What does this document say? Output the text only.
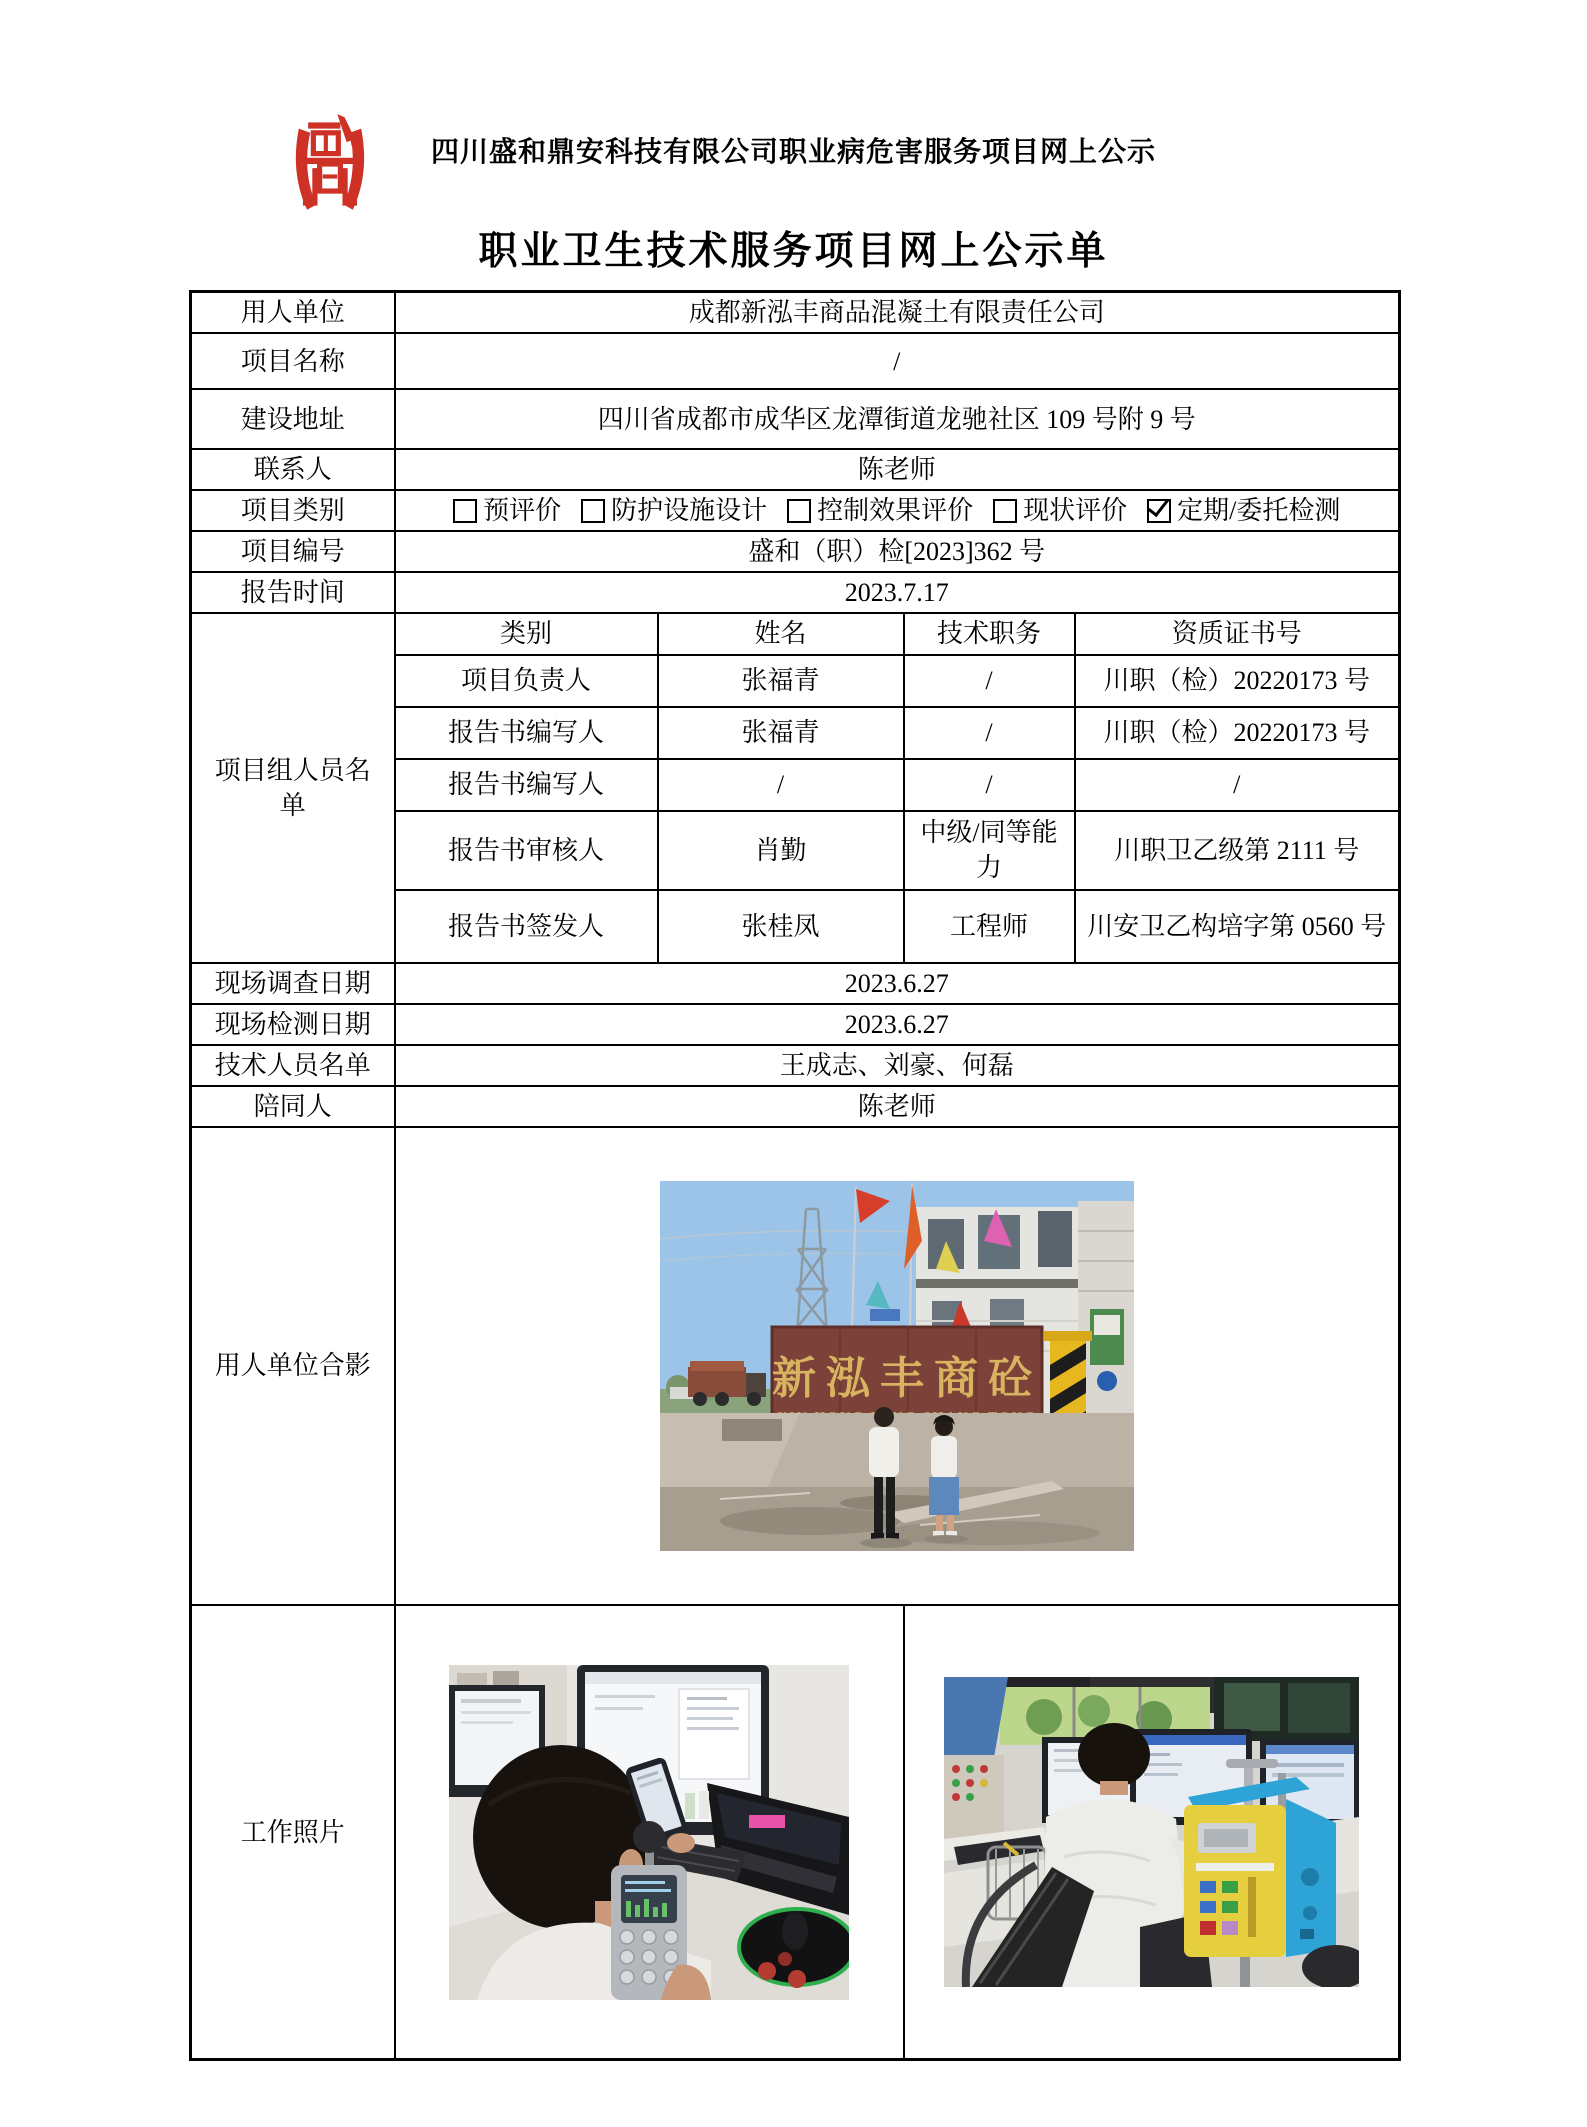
四川盛和鼎安科技有限公司职业病危害服务项目网上公示
职业卫生技术服务项目网上公示单
用人单位	成都新泓丰商品混凝土有限责任公司			
项目名称	/			
建设地址	四川省成都市成华区龙潭街道龙驰社区 109 号附 9 号			
联系人	陈老师			
项目类别	预评价 防护设施设计 控制效果评价 现状评价 定期/委托检测			

项目编号	盛和（职）检[2023]362 号			
报告时间	2023.7.17			
项目组人员名单	类别	姓名	技术职务	资质证书号
	项目负责人	张福青	/	川职（检）20220173 号
	报告书编写人	张福青	/	川职（检）20220173 号
	报告书编写人	/	/	/
	报告书审核人	肖勤	中级/同等能力	川职卫乙级第 2111 号
	报告书签发人	张桂凤	工程师	川安卫乙构培字第 0560 号
现场调查日期	2023.6.27			
现场检测日期	2023.6.27			
技术人员名单	王成志、刘豪、何磊			
陪同人	陈老师			
用人单位合影	新泓丰商砼			

工作照片	
